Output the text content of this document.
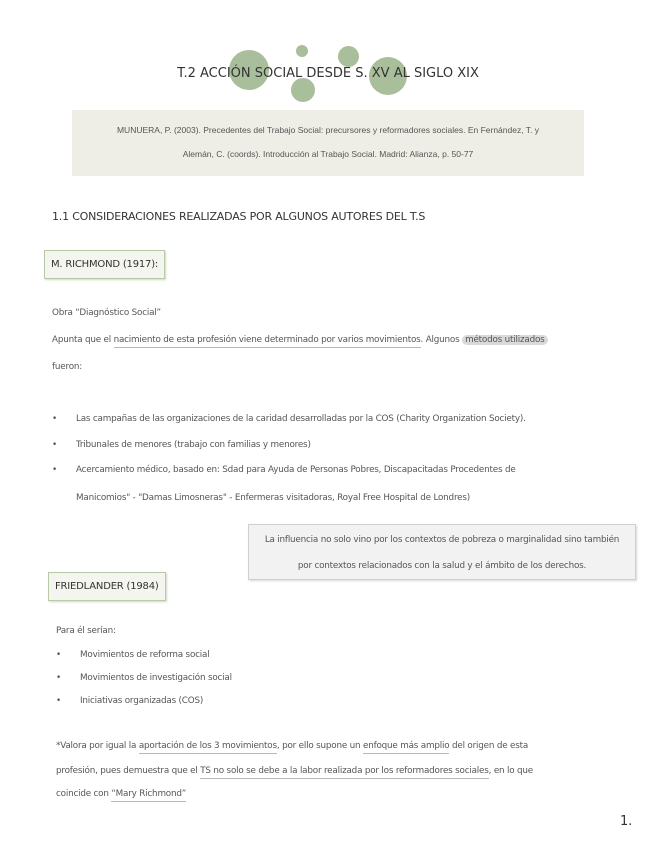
T.2 ACCIÓN SOCIAL DESDE S. XV AL SIGLO XIX
MUNUERA, P. (2003). Precedentes del Trabajo Social: precursores y reformadores sociales. En Fernández, T. y
Alemán, C. (coords). Introducción al Trabajo Social. Madrid: Alianza, p. 50-77
1.1 CONSIDERACIONES REALIZADAS POR ALGUNOS AUTORES DEL T.S
M. RICHMOND (1917):
Obra “Diagnóstico Social”
Apunta que el nacimiento de esta profesión viene determinado por varios movimientos. Algunos métodos utilizados
fueron:
• Las campañas de las organizaciones de la caridad desarrolladas por la COS (Charity Organization Society).
• Tribunales de menores (trabajo con familias y menores)
• Acercamiento médico, basado en: Sdad para Ayuda de Personas Pobres, Discapacitadas Procedentes de
Manicomios" - "Damas Limosneras" - Enfermeras visitadoras, Royal Free Hospital de Londres)
La influencia no solo vino por los contextos de pobreza o marginalidad sino también
por contextos relacionados con la salud y el ámbito de los derechos.
FRIEDLANDER (1984)
Para él serían:
• Movimientos de reforma social
• Movimientos de investigación social
• Iniciativas organizadas (COS)
*Valora por igual la aportación de los 3 movimientos, por ello supone un enfoque más amplio del origen de esta
profesión, pues demuestra que el TS no solo se debe a la labor realizada por los reformadores sociales, en lo que
coincide con “Mary Richmond”
1.
